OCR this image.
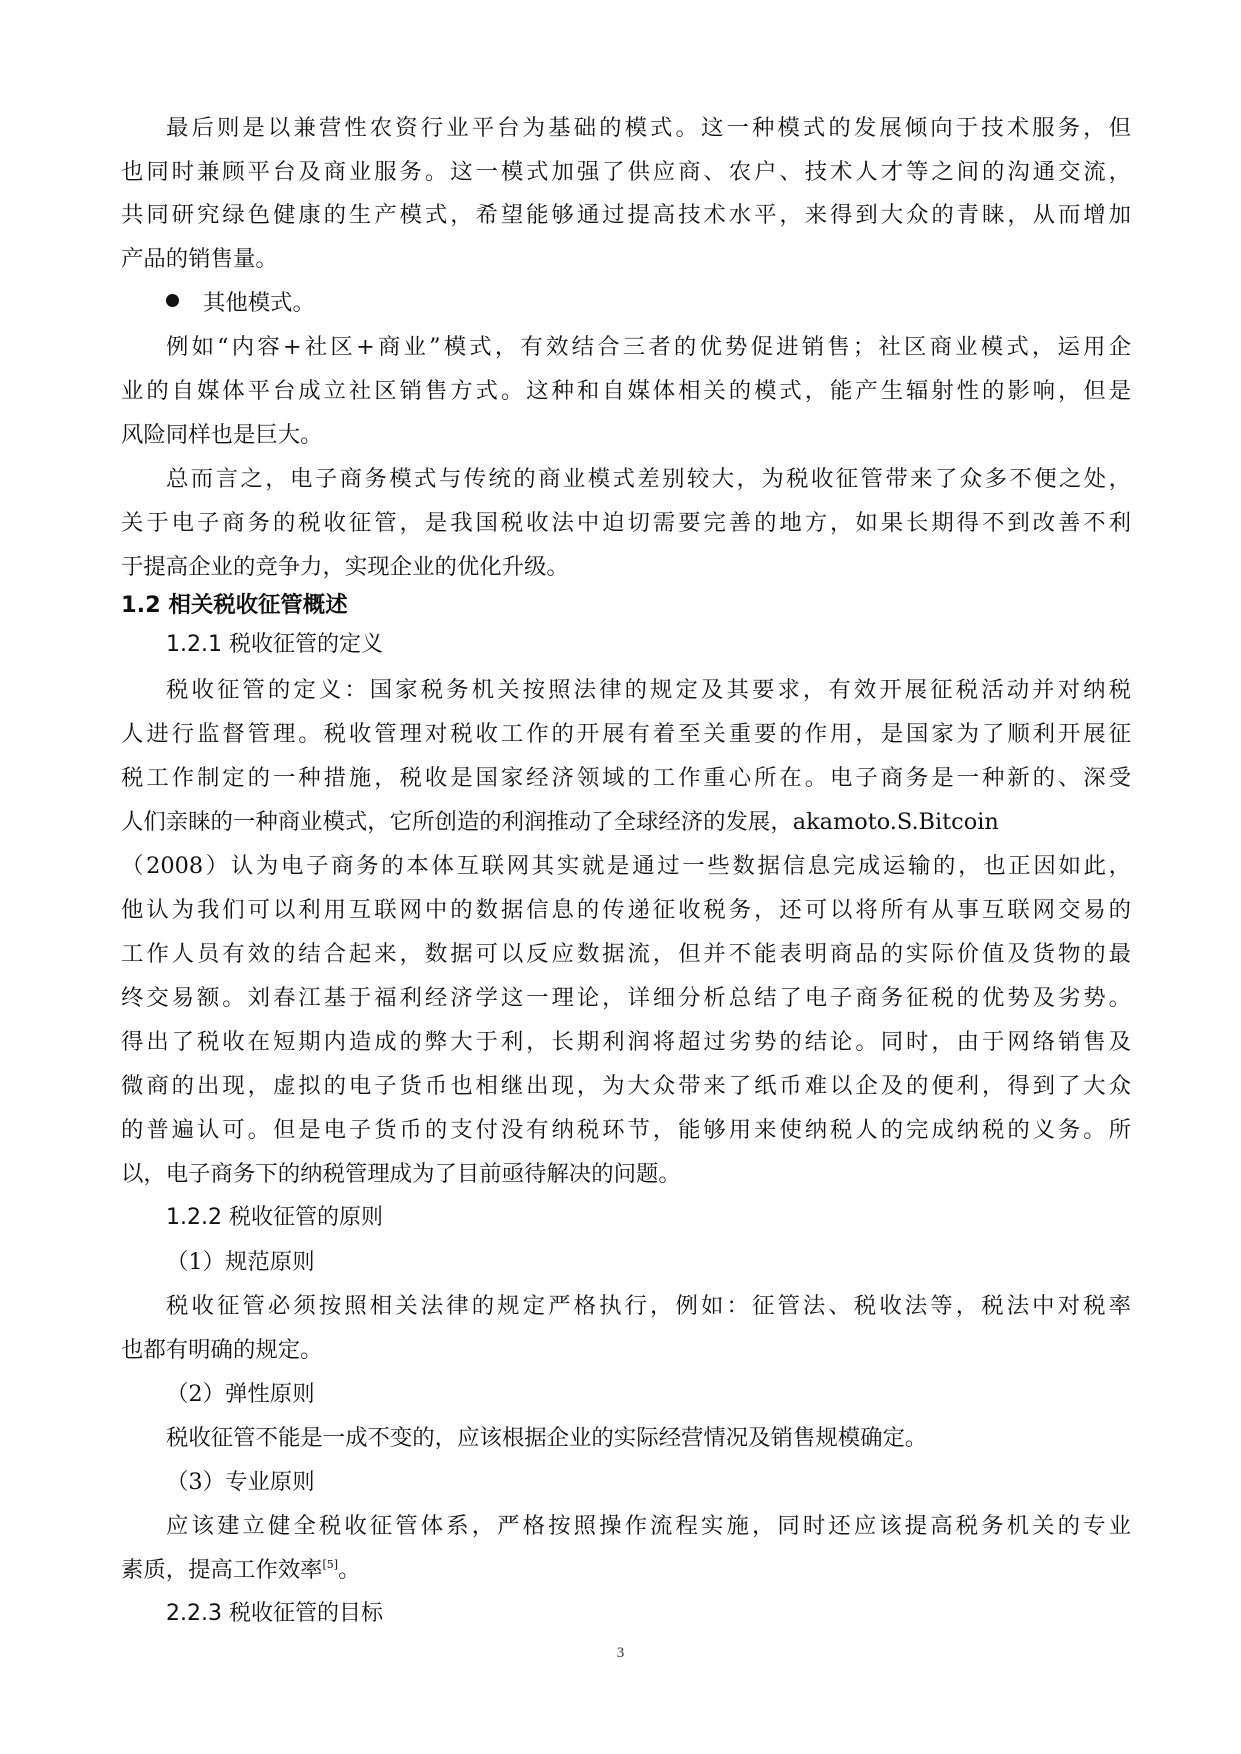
最后则是以兼营性农资行业平台为基础的模式。这一种模式的发展倾向于技术服务，但
也同时兼顾平台及商业服务。这一模式加强了供应商、农户、技术人才等之间的沟通交流，
共同研究绿色健康的生产模式，希望能够通过提高技术水平，来得到大众的青睐，从而增加
产品的销售量。
其他模式。
例如“内容+社区+商业”模式，有效结合三者的优势促进销售；社区商业模式，运用企
业的自媒体平台成立社区销售方式。这种和自媒体相关的模式，能产生辐射性的影响，但是
风险同样也是巨大。
总而言之，电子商务模式与传统的商业模式差别较大，为税收征管带来了众多不便之处，
关于电子商务的税收征管，是我国税收法中迫切需要完善的地方，如果长期得不到改善不利
于提高企业的竞争力，实现企业的优化升级。
1.2 相关税收征管概述
1.2.1 税收征管的定义
税收征管的定义：国家税务机关按照法律的规定及其要求，有效开展征税活动并对纳税
人进行监督管理。税收管理对税收工作的开展有着至关重要的作用，是国家为了顺利开展征
税工作制定的一种措施，税收是国家经济领域的工作重心所在。电子商务是一种新的、深受
人们亲睐的一种商业模式，它所创造的利润推动了全球经济的发展，akamoto.S.Bitcoin
（2008）认为电子商务的本体互联网其实就是通过一些数据信息完成运输的，也正因如此，
他认为我们可以利用互联网中的数据信息的传递征收税务，还可以将所有从事互联网交易的
工作人员有效的结合起来，数据可以反应数据流，但并不能表明商品的实际价值及货物的最
终交易额。刘春江基于福利经济学这一理论，详细分析总结了电子商务征税的优势及劣势。
得出了税收在短期内造成的弊大于利，长期利润将超过劣势的结论。同时，由于网络销售及
微商的出现，虚拟的电子货币也相继出现，为大众带来了纸币难以企及的便利，得到了大众
的普遍认可。但是电子货币的支付没有纳税环节，能够用来使纳税人的完成纳税的义务。所
以，电子商务下的纳税管理成为了目前亟待解决的问题。
1.2.2 税收征管的原则
（1）规范原则
税收征管必须按照相关法律的规定严格执行，例如：征管法、税收法等，税法中对税率
也都有明确的规定。
（2）弹性原则
税收征管不能是一成不变的，应该根据企业的实际经营情况及销售规模确定。
（3）专业原则
应该建立健全税收征管体系，严格按照操作流程实施，同时还应该提高税务机关的专业
素质，提高工作效率[5]。
2.2.3 税收征管的目标
3
